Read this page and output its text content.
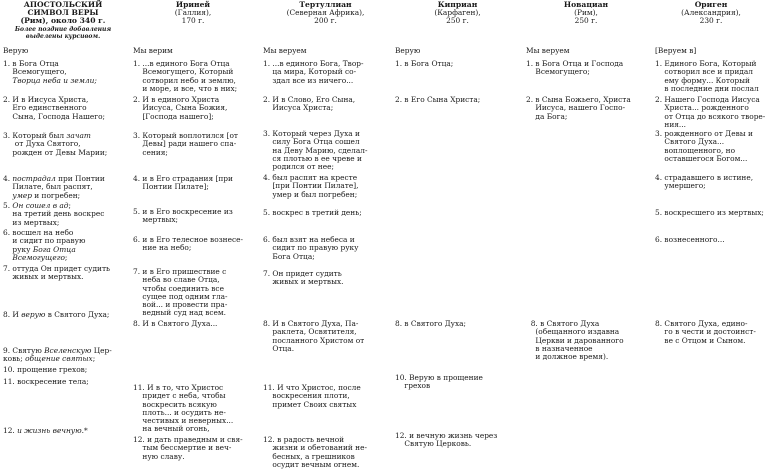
АПОСТОЛЬСКИЙ СИМВОЛ ВЕРЫ
(Рим), около 340 г.
Более поздние добавления
выделены курсивом.
Верую
1. в Бога Отца
Всемогущего,
Творца неба и земли;
2. И в Иисуса Христа,
Его единственного
Сына, Господа Нашего;
3. Который был зачат
от Духа Святого,
рожден от Девы Марии;
4. пострадал при Понтии
Пилате, был распят,
умер и погребен;
5. Он сошел в ад;
на третий день воскрес
из мертвых;
6. восшел на небо
и сидит по правую
руку Бога Отца
Всемогущего;
7. оттуда Он придет судить
живых и мертвых.
8. И верую в Святого Духа;
9. Святую Вселенскую Цер-
ковь; общение святых;
10. прощение грехов;
11. воскресение тела;
12. и жизнь вечную.*
Ириней
(Галлия),
170 г.
Мы верим
1. ...в единого Бога Отца
Всемогущего, Который
сотворил небо и землю,
и море, и все, что в них;
2. И в единого Христа
Иисуса, Сына Божия,
[Господа нашего];
3. Который воплотился [от
Девы] ради нашего спа-
сения;
4. и в Его страдания [при
Понтии Пилате];
5. и в Его воскресение из
мертвых;
6. и в Его телесное вознесе-
ние на небо;
7. и в Его пришествие с
неба во славе Отца,
чтобы соединить все
сущее под одним гла-
вой... и провести пра-
ведный суд над всем.
8. И в Святого Духа...
11. И в то, что Христос
придет с неба, чтобы
воскресить всякую
плоть... и осудить не-
честивых и неверных...
на вечный огонь,
12. и дать праведным и свя-
тым бессмертие и веч-
ную славу.
Тертуллиан
(Северная Африка),
200 г.
Мы веруем
1. ...в единого Бога, Твор-
ца мира, Который со-
здал все из ничего...
2. И в Слово, Его Сына,
Иисуса Христа;
3. Который через Духа и
силу Бога Отца сошел
на Деву Марию, сделал-
ся плотью в ее чреве и
родился от нее;
4. был распят на кресте
[при Понтии Пилате],
умер и был погребен;
5. воскрес в третий день;
6. был взят на небеса и
сидит по правую руку
Бога Отца;
7. Он придет судить
живых и мертвых.
8. И в Святого Духа, Па-
раклета, Освятителя,
посланного Христом от
Отца.
11. И что Христос, после
воскресения плоти,
примет Своих святых
12. в радость вечной
жизни и обетований не-
бесных, а грешников
осудит вечным огнем.
Киприан
(Карфаген),
250 г.
Верую
1. в Бога Отца;
2. в Его Сына Христа;
8. в Святого Духа;
10. Верую в прощение
грехов
12. и вечную жизнь через
Святую Церковь.
Новациан
(Рим),
250 г.
Мы веруем
1. в Бога Отца и Господа
Всемогущего;
2. в Сына Божьего, Христа
Иисуса, нашего Госпо-
да Бога;
8. в Святого Духа
(обещанного издавна
Церкви и дарованного
в назначенное
и должное время).
Ориген
(Александрия),
230 г.
[Веруем в]
1. Единого Бога, Который
сотворил все и придал
ему форму... Который
в последние дни послал
2. Нашего Господа Иисуса
Христа... рожденного
от Отца до всякого творе-
ния...
3. рожденного от Девы и
Святого Духа...
воплощенного, но
оставшегося Богом...
4. страдавшего в истине,
умершего;
5. воскресшего из мертвых;
6. вознесенного...
8. Святого Духа, едино-
го в чести и достоинст-
ве с Отцом и Сыном.
